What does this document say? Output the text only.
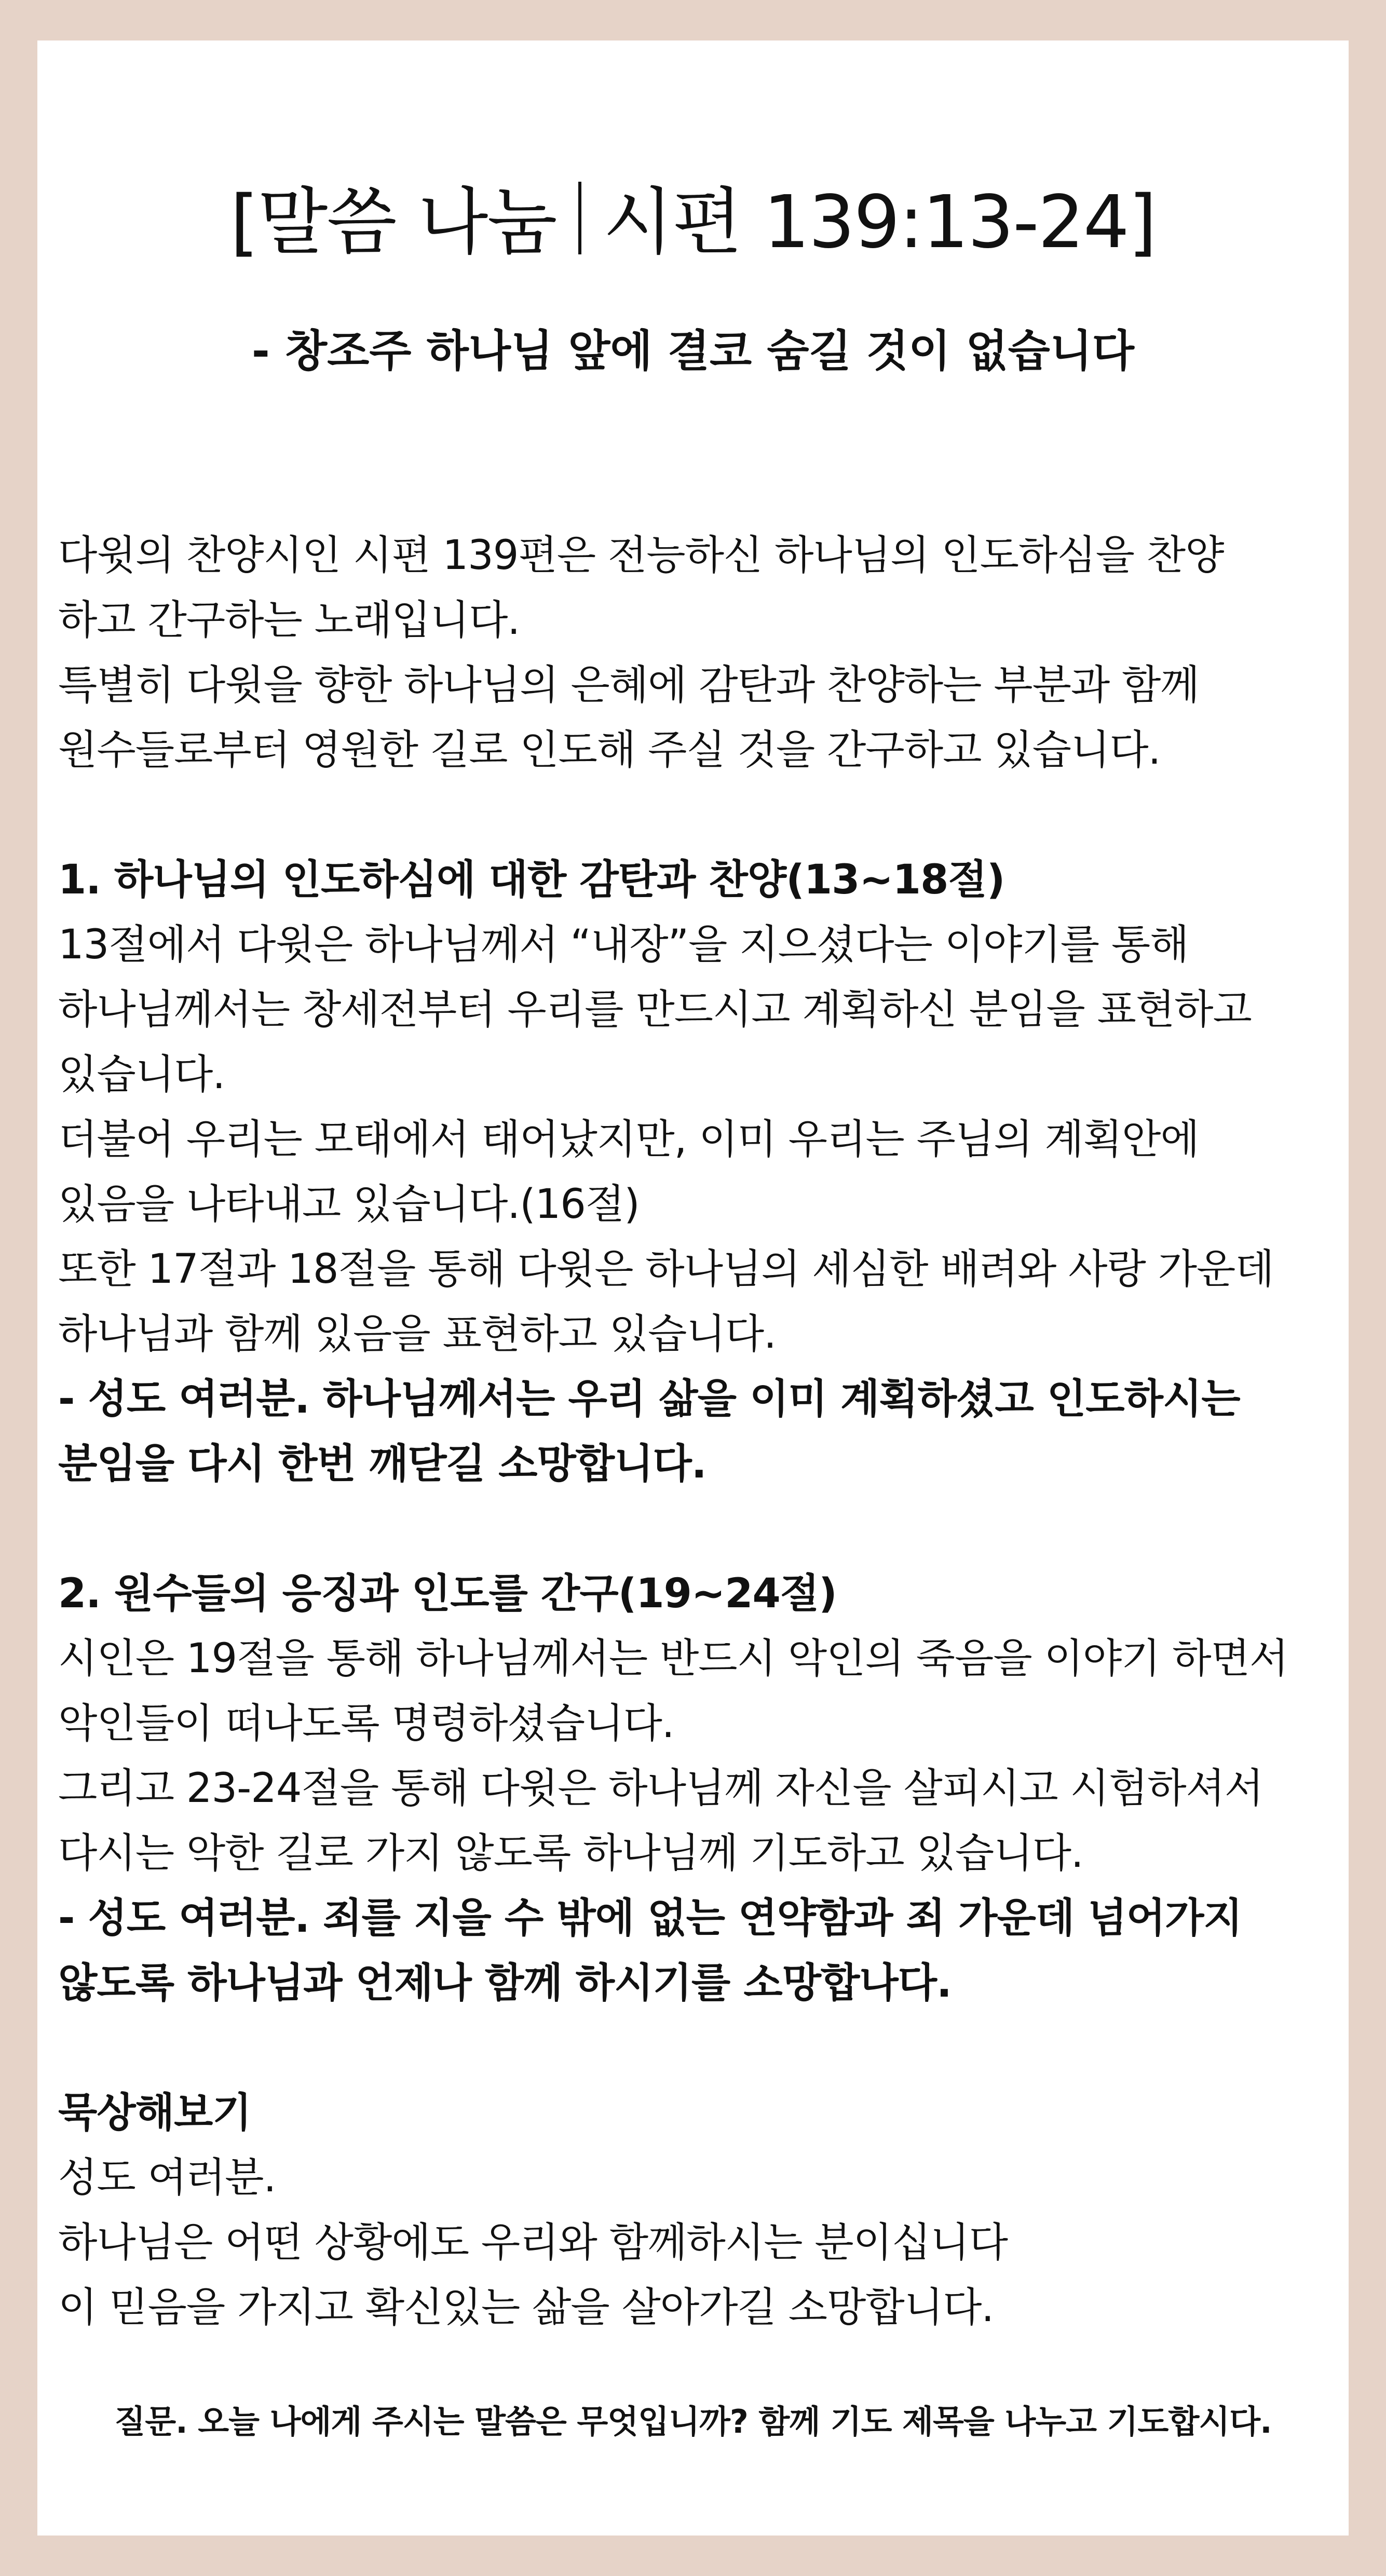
[말씀 나눔 시편 139:13-24]

- 창조주 하나님 앞에 결코 숨길 것이 없습니다

다윗의 찬양시인 시편 139편은 전능하신 하나님의 인도하심을 찬양
하고 간구하는 노래입니다.
특별히 다윗을 향한 하나님의 은혜에 감탄과 찬양하는 부분과 함께
원수들로부터 영원한 길로 인도해 주실 것을 간구하고 있습니다.
1. 하나님의 인도하심에 대한 감탄과 찬양(13~18절)
13절에서 다윗은 하나님께서 “내장”을 지으셨다는 이야기를 통해
하나님께서는 창세전부터 우리를 만드시고 계획하신 분임을 표현하고
있습니다.
더불어 우리는 모태에서 태어났지만, 이미 우리는 주님의 계획안에
있음을 나타내고 있습니다.(16절)
또한 17절과 18절을 통해 다윗은 하나님의 세심한 배려와 사랑 가운데
하나님과 함께 있음을 표현하고 있습니다.
- 성도 여러분. 하나님께서는 우리 삶을 이미 계획하셨고 인도하시는
분임을 다시 한번 깨닫길 소망합니다.
2. 원수들의 응징과 인도를 간구(19~24절)
시인은 19절을 통해 하나님께서는 반드시 악인의 죽음을 이야기 하면서
악인들이 떠나도록 명령하셨습니다.
그리고 23-24절을 통해 다윗은 하나님께 자신을 살피시고 시험하셔서
다시는 악한 길로 가지 않도록 하나님께 기도하고 있습니다.
- 성도 여러분. 죄를 지을 수 밖에 없는 연약함과 죄 가운데 넘어가지
않도록 하나님과 언제나 함께 하시기를 소망합나다.
묵상해보기
성도 여러분.
하나님은 어떤 상황에도 우리와 함께하시는 분이십니다
이 믿음을 가지고 확신있는 삶을 살아가길 소망합니다.

질문. 오늘 나에게 주시는 말씀은 무엇입니까? 함께 기도 제목을 나누고 기도합시다.
